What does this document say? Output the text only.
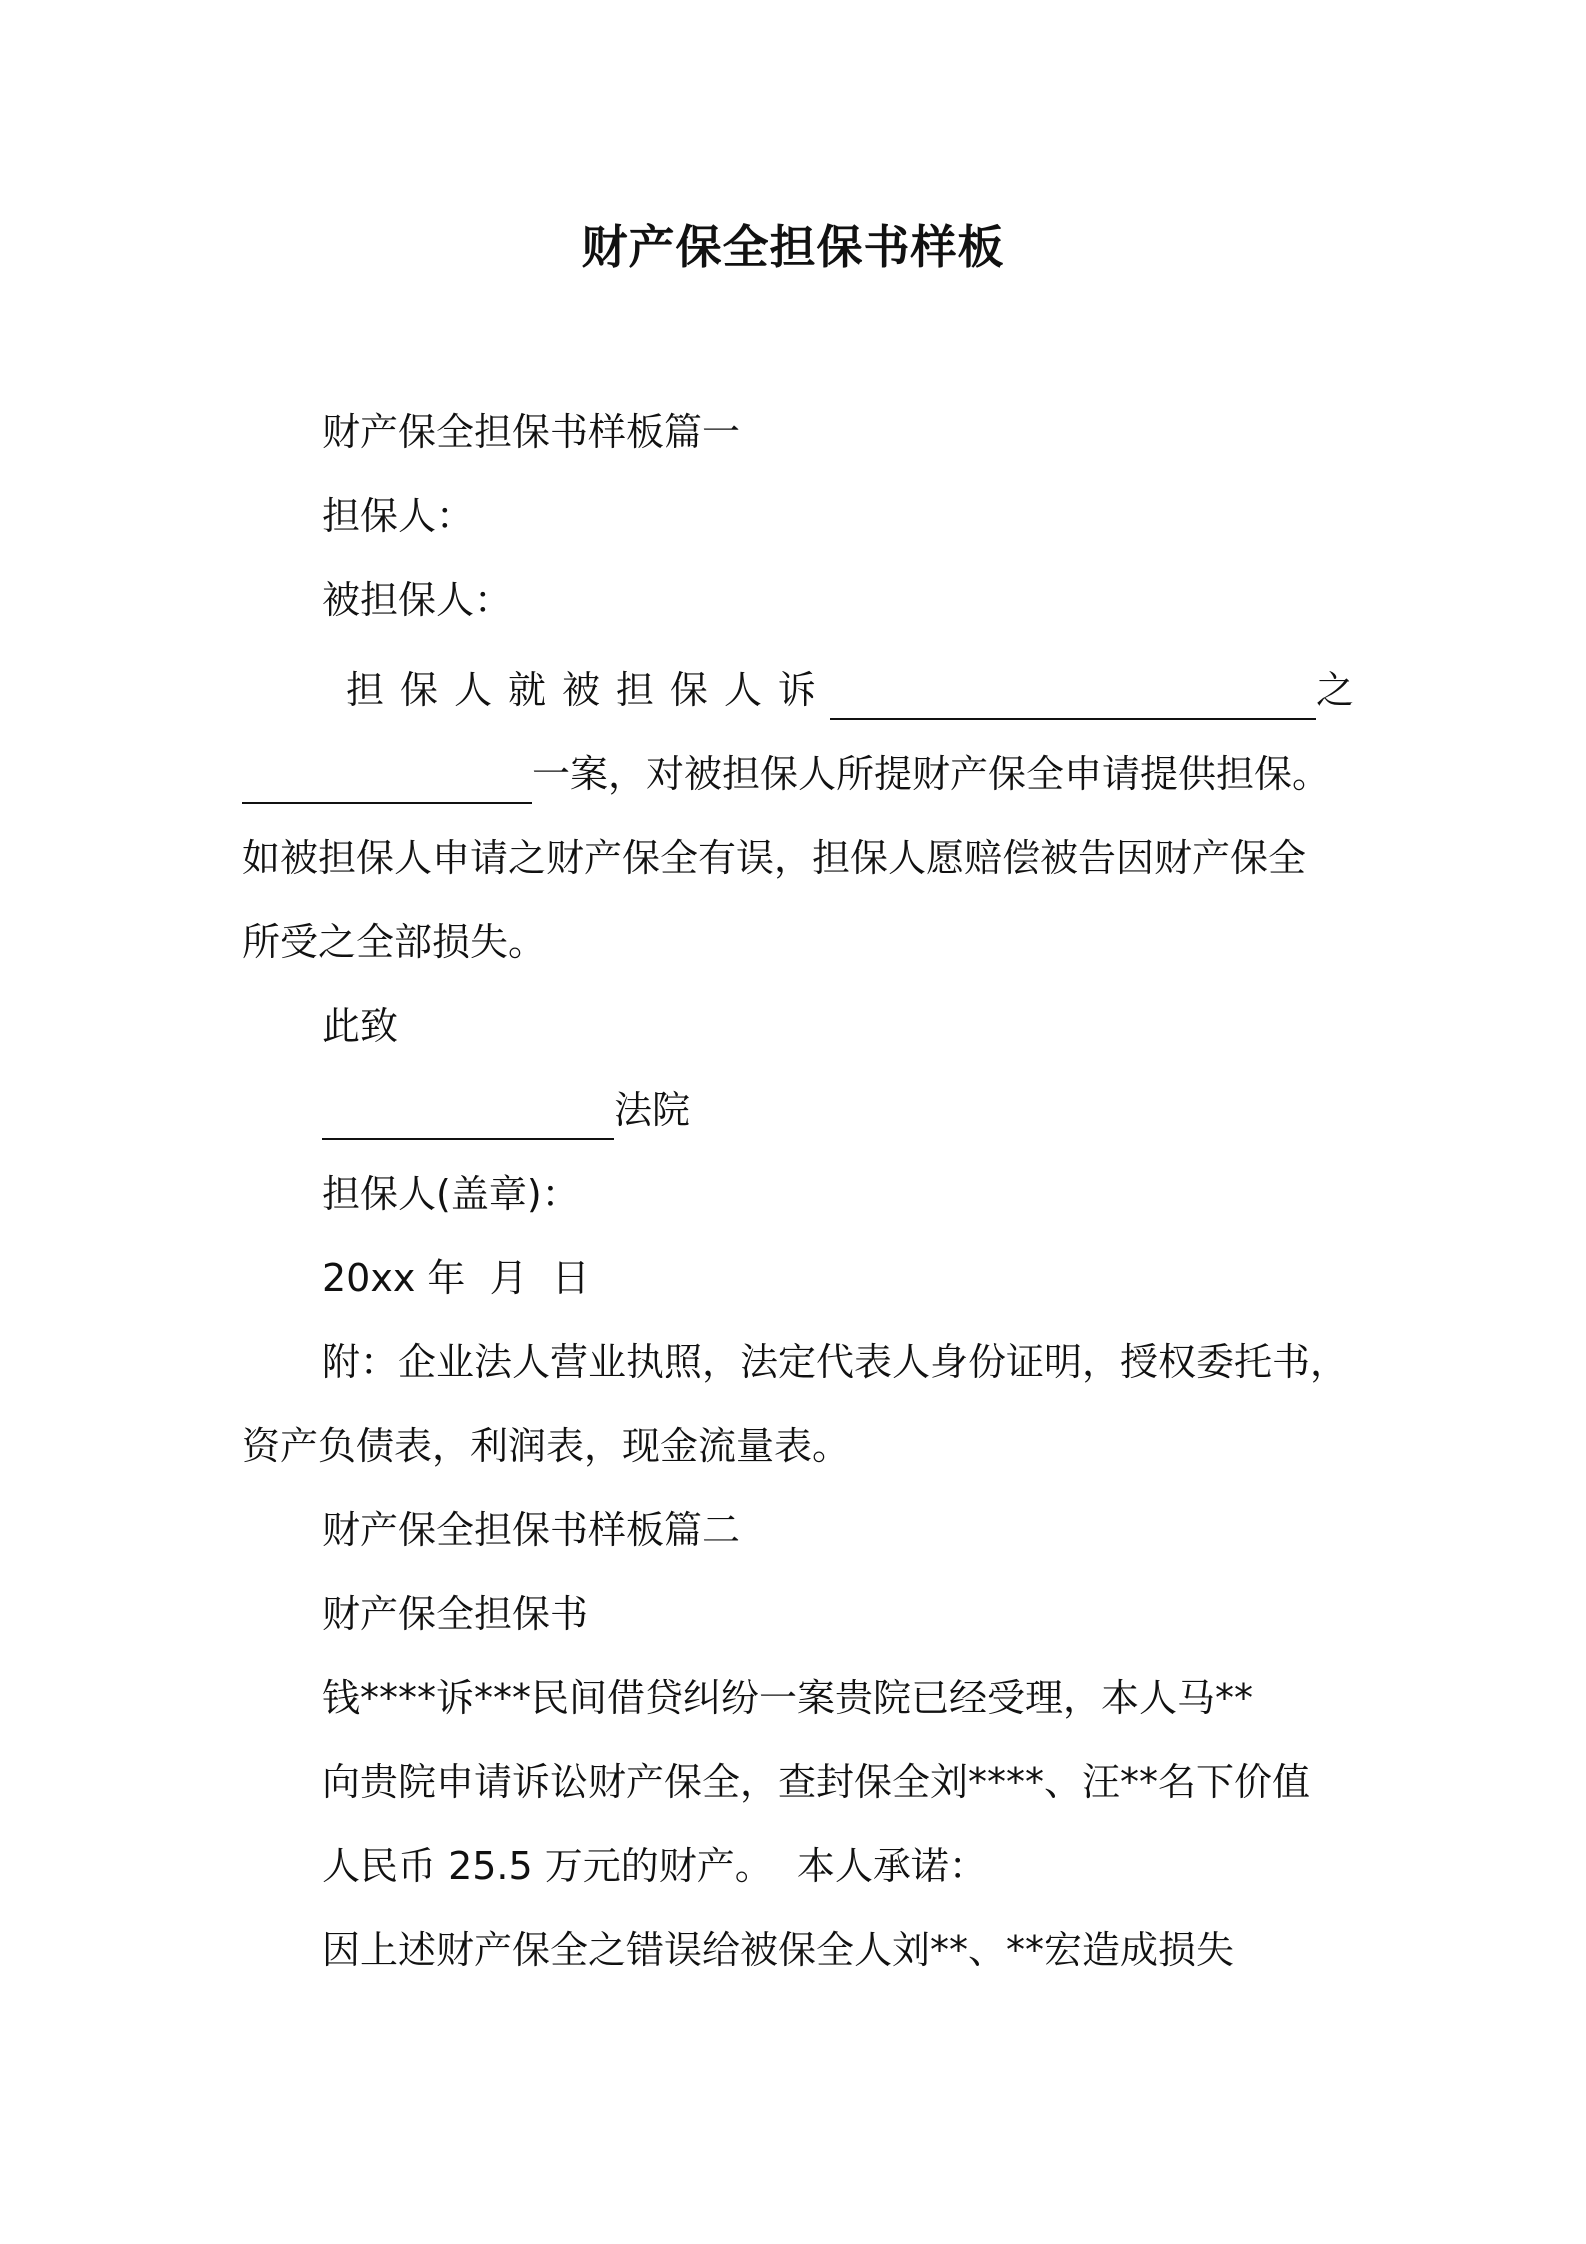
财产保全担保书样板
财产保全担保书样板篇一
担保人：
被担保人：
担 保 人 就 被 担 保 人 诉	之
一案，对被担保人所提财产保全申请提供担保。
如被担保人申请之财产保全有误，担保人愿赔偿被告因财产保全
所受之全部损失。
此致
法院
担保人(盖章)：
20xx 年  月  日
附：企业法人营业执照，法定代表人身份证明，授权委托书，
资产负债表，利润表，现金流量表。
财产保全担保书样板篇二
财产保全担保书
钱****诉***民间借贷纠纷一案贵院已经受理，本人马**
向贵院申请诉讼财产保全，查封保全刘****、汪**名下价值
人民币 25.5 万元的财产。  本人承诺：
因上述财产保全之错误给被保全人刘**、**宏造成损失
